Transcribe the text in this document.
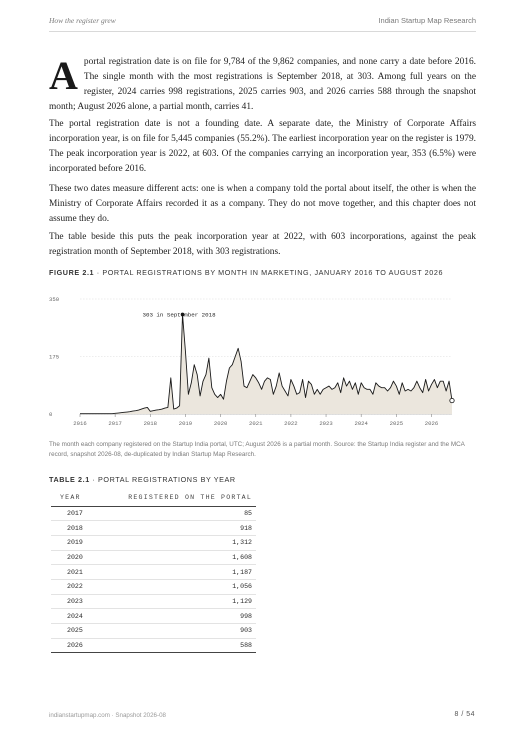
How the register grew	Indian Startup Map Research
Aportal registration date is on file for 9,784 of the 9,862 companies, and none carry a date before 2016. The single month with the most registrations is September 2018, at 303. Among full years on the register, 2024 carries 998 registrations, 2025 carries 903, and 2026 carries 588 through the snapshot month; August 2026 alone, a partial month, carries 41.
The portal registration date is not a founding date. A separate date, the Ministry of Corporate Affairs incorporation year, is on file for 5,445 companies (55.2%). The earliest incorporation year on the register is 1979. The peak incorporation year is 2022, at 603. Of the companies carrying an incorporation year, 353 (6.5%) were incorporated before 2016.
These two dates measure different acts: one is when a company told the portal about itself, the other is when the Ministry of Corporate Affairs recorded it as a company. They do not move together, and this chapter does not assume they do.
The table beside this puts the peak incorporation year at 2022, with 603 incorporations, against the peak registration month of September 2018, with 303 registrations.
FIGURE 2.1 · PORTAL REGISTRATIONS BY MONTH IN MARKETING, JANUARY 2016 TO AUGUST 2026
0
175
350
2016	2017	2018	2019	2020	2021	2022	2023	2024	2025	2026
303 in September 2018
The month each company registered on the Startup India portal, UTC; August 2026 is a partial month. Source: the Startup India register and the MCA record, snapshot 2026-08, de-duplicated by Indian Startup Map Research.
TABLE 2.1 · PORTAL REGISTRATIONS BY YEAR
YEAR	REGISTERED ON THE PORTAL
2017	85
2018	918
2019	1,312
2020	1,608
2021	1,187
2022	1,056
2023	1,129
2024	998
2025	903
2026	588
indianstartupmap.com · Snapshot 2026-08	8 / 54
